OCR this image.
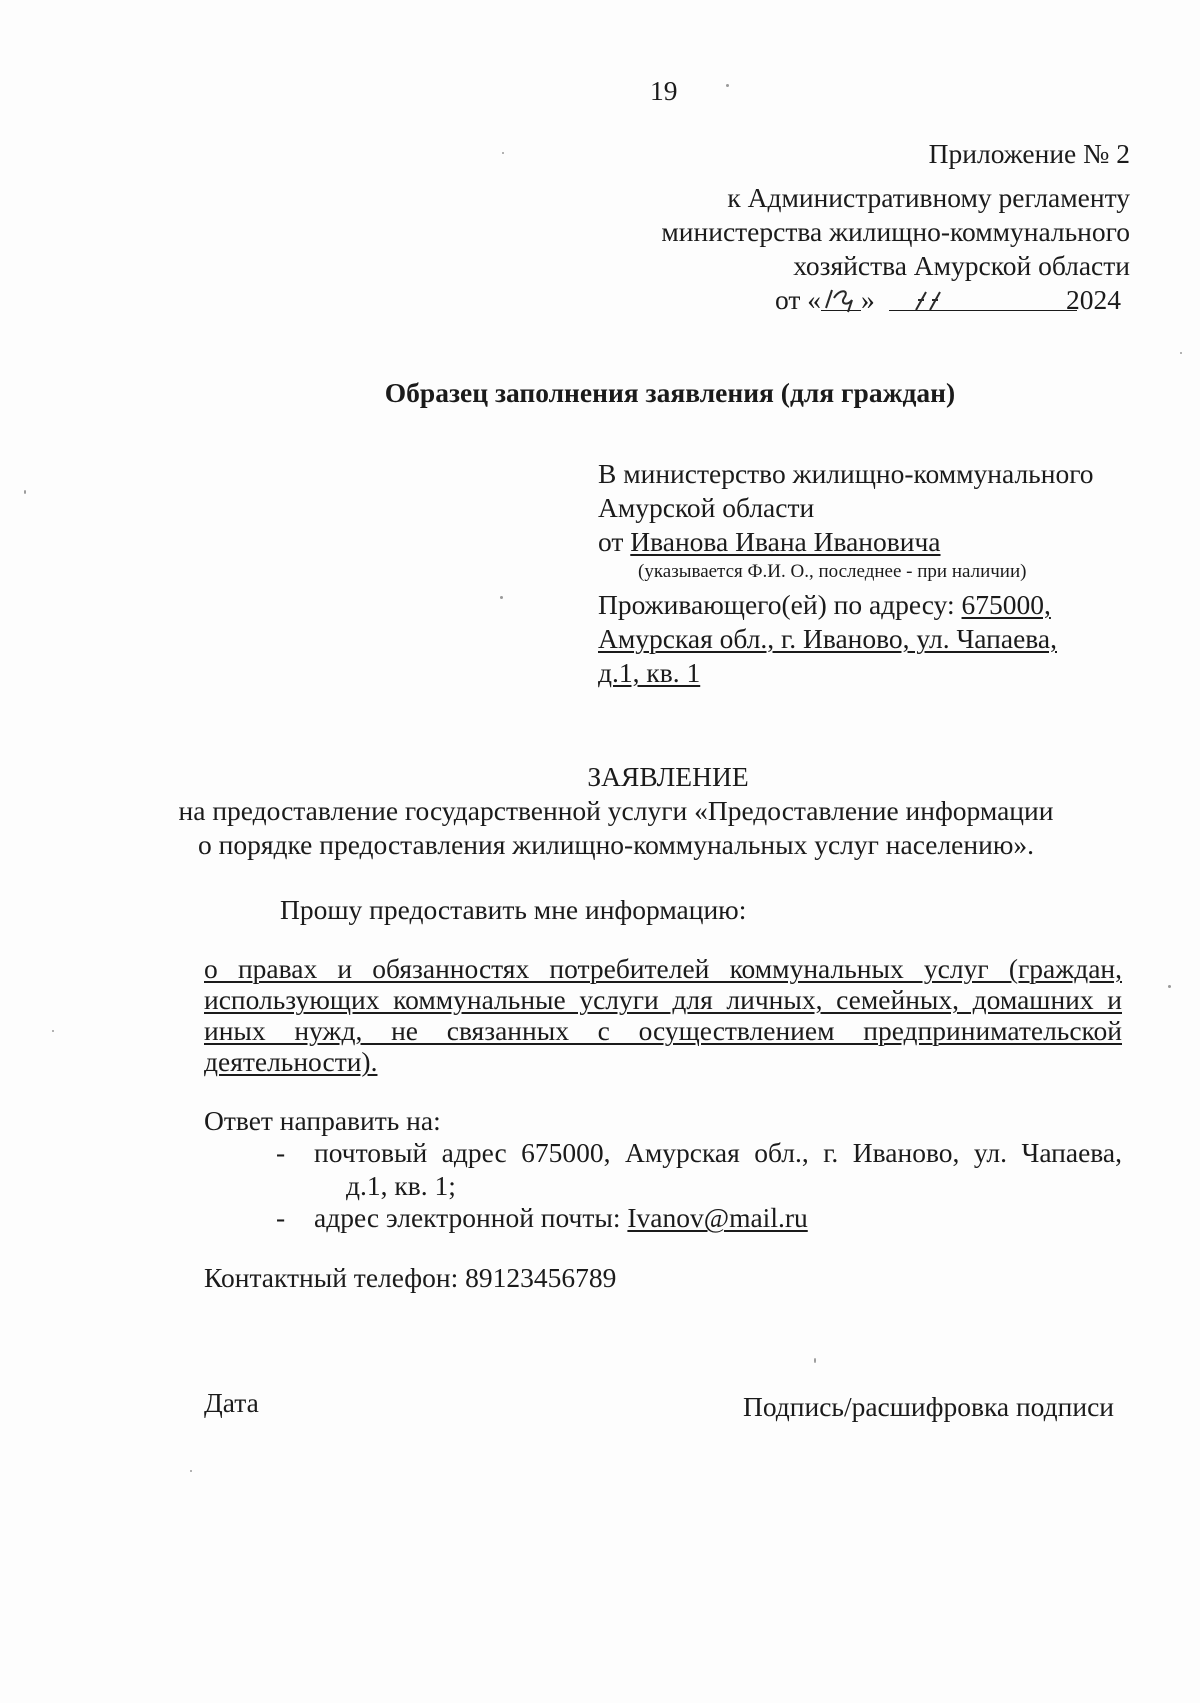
19
Приложение № 2
к Административному регламенту
министерства жилищно-коммунального
хозяйства Амурской области
от « »	2024
Образец заполнения заявления (для граждан)
В министерство жилищно-коммунального
Амурской области
от Иванова Ивана Ивановича
(указывается Ф.И. О., последнее - при наличии)
Проживающего(ей) по адресу: 675000,
Амурская обл., г. Иваново, ул. Чапаева,
д.1, кв. 1
ЗАЯВЛЕНИЕ
на предоставление государственной услуги «Предоставление информации
о порядке предоставления жилищно-коммунальных услуг населению».
Прошу предоставить мне информацию:
о правах и обязанностях потребителей коммунальных услуг (граждан, использующих коммунальные услуги для личных, семейных, домашних и иных нужд, не связанных с осуществлением предпринимательской деятельности).
Ответ направить на:
- почтовый адрес 675000, Амурская обл., г. Иваново, ул. Чапаева,
д.1, кв. 1;
- адрес электронной почты: Ivanov@mail.ru
Контактный телефон: 89123456789
Дата	Подпись/расшифровка подписи
